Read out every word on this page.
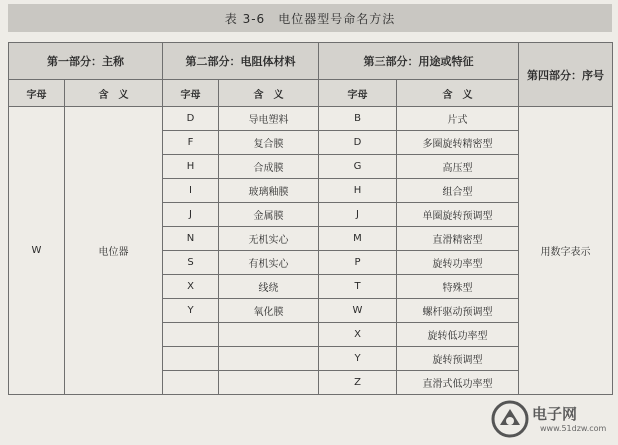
表 3-6　电位器型号命名方法
第一部分：主称		第二部分：电阻体材料		第三部分：用途或特征		第四部分：序号
字母	含　义	字母	含　义	字母	含　义	
W	电位器	D	导电塑料	B	片式	用数字表示
		F	复合膜	D	多圈旋转精密型	
		H	合成膜	G	高压型	
		I	玻璃釉膜	H	组合型	
		J	金属膜	J	单圈旋转预调型	
		N	无机实心	M	直滑精密型	
		S	有机实心	P	旋转功率型	
		X	线绕	T	特殊型	
		Y	氧化膜	W	螺杆驱动预调型	
				X	旋转低功率型	
				Y	旋转预调型	
				Z	直滑式低功率型	
电子网
www.51dzw.com
